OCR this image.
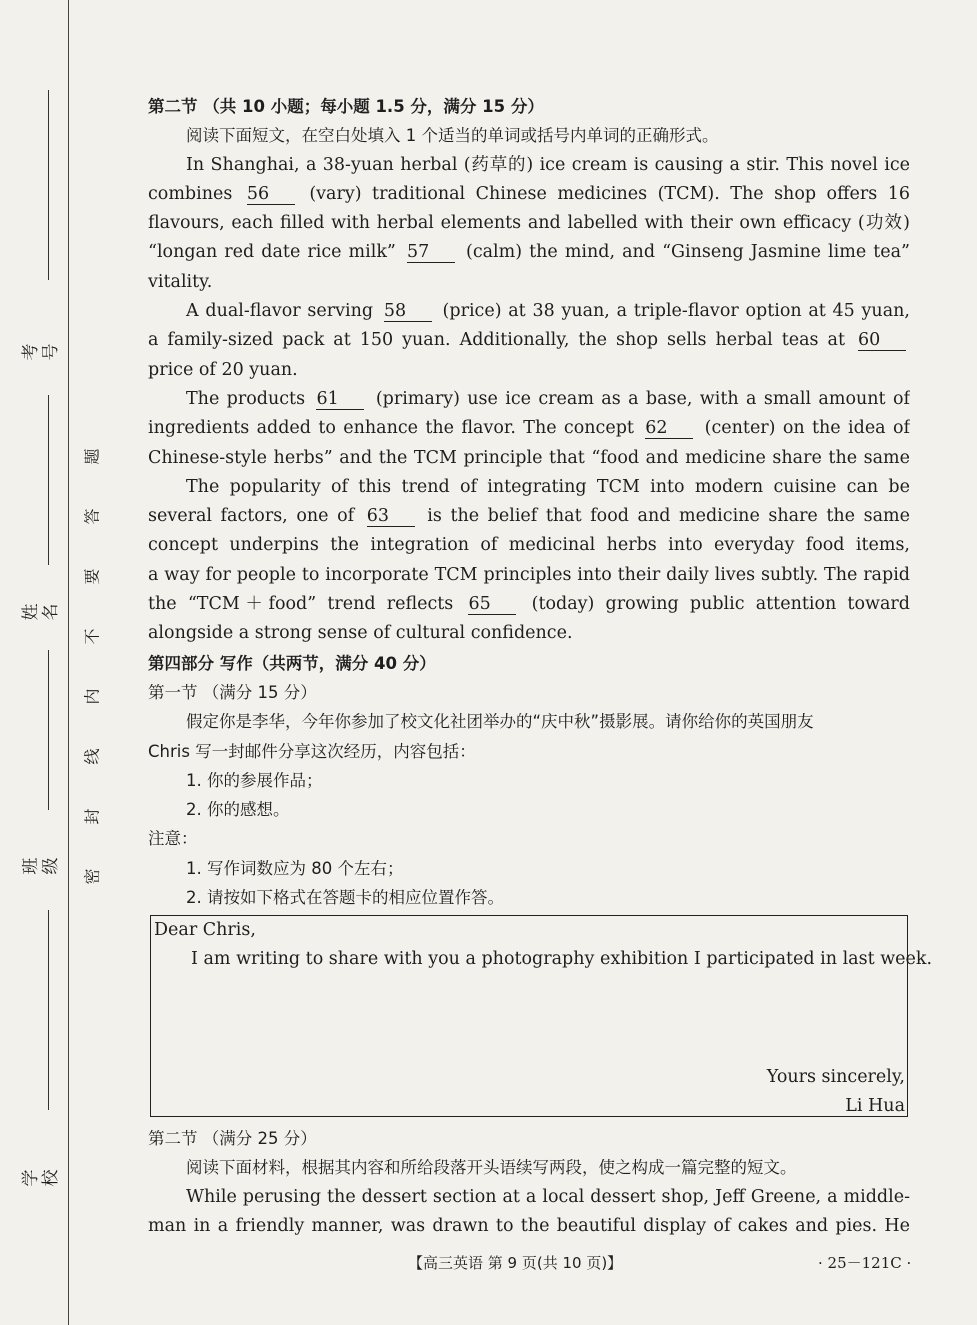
考号
姓名
班级
学校
题
答
要
不
内
线
封
密
第二节 （共 10 小题；每小题 1.5 分，满分 15 分）
阅读下面短文，在空白处填入 1 个适当的单词或括号内单词的正确形式。
In Shanghai, a 38-yuan herbal (药草的) ice cream is causing a stir. This novel ice
combines 56 (vary) traditional Chinese medicines (TCM). The shop offers 16
flavours, each filled with herbal elements and labelled with their own efficacy (功效)
“longan red date rice milk” 57 (calm) the mind, and “Ginseng Jasmine lime tea”
vitality.
A dual-flavor serving 58 (price) at 38 yuan, a triple-flavor option at 45 yuan,
a family-sized pack at 150 yuan. Additionally, the shop sells herbal teas at 60
price of 20 yuan.
The products 61 (primary) use ice cream as a base, with a small amount of
ingredients added to enhance the flavor. The concept 62 (center) on the idea of
Chinese-style herbs” and the TCM principle that “food and medicine share the same
The popularity of this trend of integrating TCM into modern cuisine can be
several factors, one of 63 is the belief that food and medicine share the same
concept underpins the integration of medicinal herbs into everyday food items,
a way for people to incorporate TCM principles into their daily lives subtly. The rapid
the “TCM＋food” trend reflects 65 (today) growing public attention toward
alongside a strong sense of cultural confidence.
第四部分 写作（共两节，满分 40 分）
第一节 （满分 15 分）
假定你是李华，今年你参加了校文化社团举办的“庆中秋”摄影展。请你给你的英国朋友
Chris 写一封邮件分享这次经历，内容包括：
1. 你的参展作品；
2. 你的感想。
注意：
1. 写作词数应为 80 个左右；
2. 请按如下格式在答题卡的相应位置作答。
Dear Chris,
I am writing to share with you a photography exhibition I participated in last week.
Yours sincerely,
Li Hua
第二节 （满分 25 分）
阅读下面材料，根据其内容和所给段落开头语续写两段，使之构成一篇完整的短文。
While perusing the dessert section at a local dessert shop, Jeff Greene, a middle-
man in a friendly manner, was drawn to the beautiful display of cakes and pies. He
【高三英语 第 9 页(共 10 页)】	· 25－121C ·
